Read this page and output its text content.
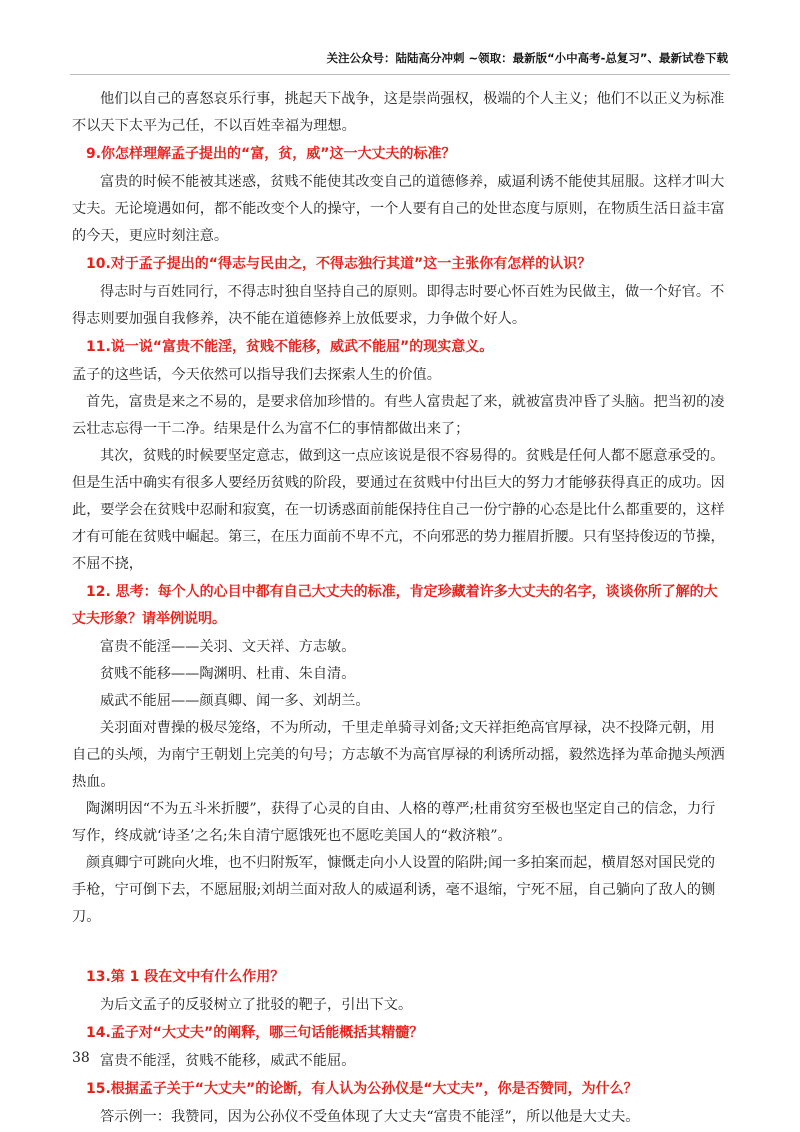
关注公众号：陆陆高分冲刺 ~领取：最新版“小中高考-总复习”、最新试卷下载

他们以自己的喜怒哀乐行事，挑起天下战争，这是崇尚强权，极端的个人主义；他们不以正义为标准不以天下太平为己任，不以百姓幸福为理想。

9.你怎样理解孟子提出的“富，贫，威”这一大丈夫的标准？

富贵的时候不能被其迷惑，贫贱不能使其改变自己的道德修养，威逼利诱不能使其屈服。这样才叫大丈夫。无论境遇如何，都不能改变个人的操守，一个人要有自己的处世态度与原则，在物质生活日益丰富的今天，更应时刻注意。

10.对于孟子提出的“得志与民由之，不得志独行其道”这一主张你有怎样的认识？

得志时与百姓同行，不得志时独自坚持自己的原则。即得志时要心怀百姓为民做主，做一个好官。不得志则要加强自我修养，决不能在道德修养上放低要求，力争做个好人。

11.说一说“富贵不能淫，贫贱不能移，威武不能屈”的现实意义。

孟子的这些话，今天依然可以指导我们去探索人生的价值。

首先，富贵是来之不易的，是要求倍加珍惜的。有些人富贵起了来，就被富贵冲昏了头脑。把当初的凌云壮志忘得一干二净。结果是什么为富不仁的事情都做出来了；

其次，贫贱的时候要坚定意志，做到这一点应该说是很不容易得的。贫贱是任何人都不愿意承受的。但是生活中确实有很多人要经历贫贱的阶段，要通过在贫贱中付出巨大的努力才能够获得真正的成功。因此，要学会在贫贱中忍耐和寂寞，在一切诱惑面前能保持住自己一份宁静的心态是比什么都重要的，这样才有可能在贫贱中崛起。第三，在压力面前不卑不亢，不向邪恶的势力摧眉折腰。只有坚持俊迈的节操，不屈不挠，

12. 思考：每个人的心目中都有自己大丈夫的标准，肯定珍藏着许多大丈夫的名字，谈谈你所了解的大丈夫形象？请举例说明。

富贵不能淫——关羽、文天祥、方志敏。

贫贱不能移——陶渊明、杜甫、朱自清。

威武不能屈——颜真卿、闻一多、刘胡兰。

关羽面对曹操的极尽笼络，不为所动，千里走单骑寻刘备;文天祥拒绝高官厚禄，决不投降元朝，用自己的头颅，为南宁王朝划上完美的句号；方志敏不为高官厚禄的利诱所动摇，毅然选择为革命抛头颅洒热血。

陶渊明因“不为五斗米折腰”，获得了心灵的自由、人格的尊严;杜甫贫穷至极也坚定自己的信念，力行写作，终成就‘诗圣’之名;朱自清宁愿饿死也不愿吃美国人的“救济粮”。

颜真卿宁可跳向火堆，也不归附叛军，慷慨走向小人设置的陷阱;闻一多拍案而起，横眉怒对国民党的手枪，宁可倒下去，不愿屈服;刘胡兰面对敌人的威逼利诱，毫不退缩，宁死不屈，自己躺向了敌人的铡刀。

13.第 1 段在文中有什么作用？

为后文孟子的反驳树立了批驳的靶子，引出下文。

14.孟子对“大丈夫”的阐释，哪三句话能概括其精髓？

富贵不能淫，贫贱不能移，威武不能屈。

15.根据孟子关于“大丈夫”的论断，有人认为公孙仪是“大丈夫”，你是否赞同，为什么？

答示例一：我赞同，因为公孙仪不受鱼体现了大丈夫“富贵不能淫”，所以他是大丈夫。

38
